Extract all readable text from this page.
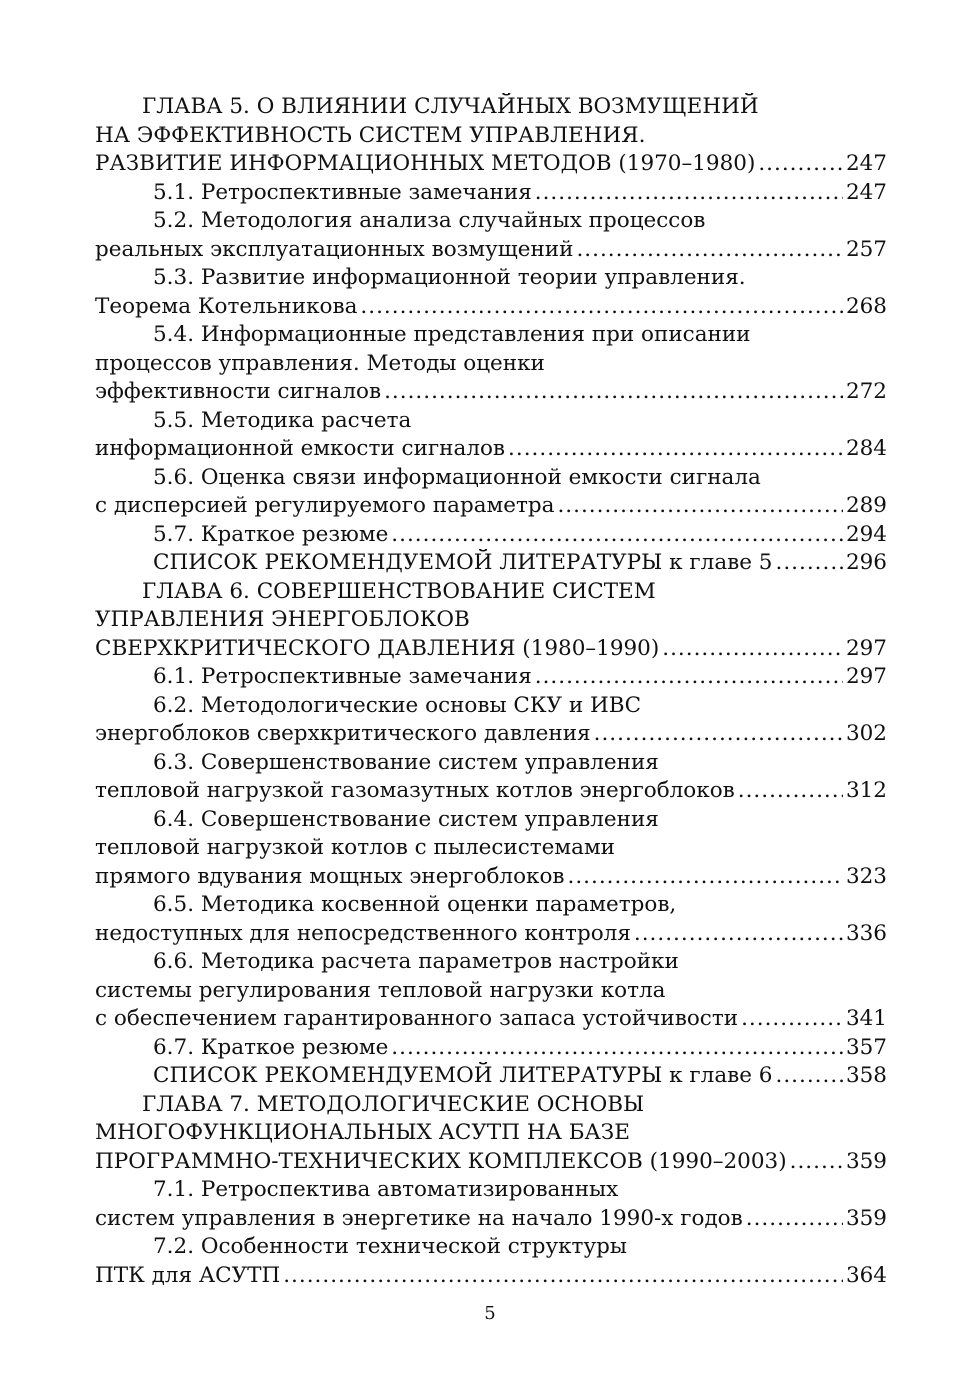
ГЛАВА 5. О ВЛИЯНИИ СЛУЧАЙНЫХ ВОЗМУЩЕНИЙ
НА ЭФФЕКТИВНОСТЬ СИСТЕМ УПРАВЛЕНИЯ.
РАЗВИТИЕ ИНФОРМАЦИОННЫХ МЕТОДОВ (1970–1980) .....	247
5.1. Ретроспективные замечания .....	247
5.2. Методология анализа случайных процессов
реальных эксплуатационных возмущений .....	257
5.3. Развитие информационной теории управления.
Теорема Котельникова .....	268
5.4. Информационные представления при описании
процессов управления. Методы оценки
эффективности сигналов .....	272
5.5. Методика расчета
информационной емкости сигналов .....	284
5.6. Оценка связи информационной емкости сигнала
с дисперсией регулируемого параметра .....	289
5.7. Краткое резюме .....	294
СПИСОК РЕКОМЕНДУЕМОЙ ЛИТЕРАТУРЫ к главе 5 .....	296
ГЛАВА 6. СОВЕРШЕНСТВОВАНИЕ СИСТЕМ
УПРАВЛЕНИЯ ЭНЕРГОБЛОКОВ
СВЕРХКРИТИЧЕСКОГО ДАВЛЕНИЯ (1980–1990) .....	297
6.1. Ретроспективные замечания .....	297
6.2. Методологические основы СКУ и ИВС
энергоблоков сверхкритического давления .....	302
6.3. Совершенствование систем управления
тепловой нагрузкой газомазутных котлов энергоблоков .....	312
6.4. Совершенствование систем управления
тепловой нагрузкой котлов с пылесистемами
прямого вдувания мощных энергоблоков .....	323
6.5. Методика косвенной оценки параметров,
недоступных для непосредственного контроля .....	336
6.6. Методика расчета параметров настройки
системы регулирования тепловой нагрузки котла
с обеспечением гарантированного запаса устойчивости .....	341
6.7. Краткое резюме .....	357
СПИСОК РЕКОМЕНДУЕМОЙ ЛИТЕРАТУРЫ к главе 6 .....	358
ГЛАВА 7. МЕТОДОЛОГИЧЕСКИЕ ОСНОВЫ
МНОГОФУНКЦИОНАЛЬНЫХ АСУТП НА БАЗЕ
ПРОГРАММНО-ТЕХНИЧЕСКИХ КОМПЛЕКСОВ (1990–2003) .....	359
7.1. Ретроспектива автоматизированных
систем управления в энергетике на начало 1990-х годов .....	359
7.2. Особенности технической структуры
ПТК для АСУТП .....	364
5
